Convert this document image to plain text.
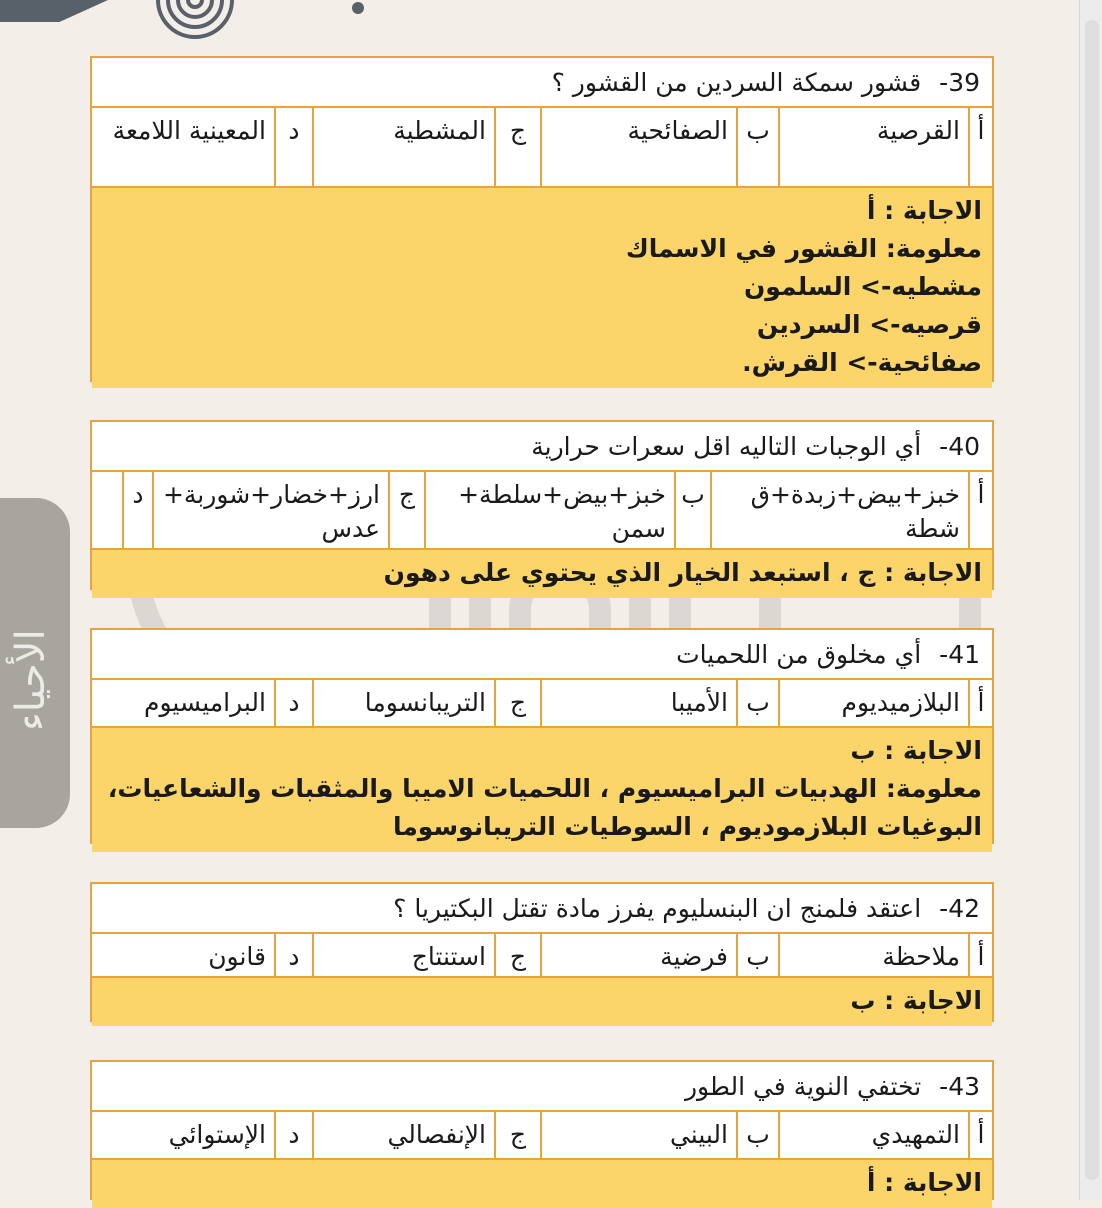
الأحياء
39-
قشور سمكة السردين من القشور ؟
أ
القرصية
ب
الصفائحية
ج
المشطية
د
المعينية اللامعة
الاجابة : أ
معلومة: القشور في الاسماك
مشطيه-> السلمون
قرصيه-> السردين
صفائحية-> القرش.
40-
أي الوجبات التاليه اقل سعرات حرارية
أ
خبز+بيض+زبدة+ق شطة
ب
خبز+بيض+سلطة+ سمن
ج
ارز+خضار+شوربة+ عدس
د
الاجابة : ج ، استبعد الخيار الذي يحتوي على دهون
41-
أي مخلوق من اللحميات
أ
البلازميديوم
ب
الأميبا
ج
التريبانسوما
د
البراميسيوم
الاجابة : ب
معلومة: الهدبيات البراميسيوم ، اللحميات الاميبا والمثقبات والشعاعيات،
البوغيات البلازموديوم ، السوطيات التريبانوسوما
42-
اعتقد فلمنج ان البنسليوم يفرز مادة تقتل البكتيريا ؟
أ
ملاحظة
ب
فرضية
ج
استنتاج
د
قانون
الاجابة : ب
43-
تختفي النوية في الطور
أ
التمهيدي
ب
البيني
ج
الإنفصالي
د
الإستوائي
الاجابة : أ
